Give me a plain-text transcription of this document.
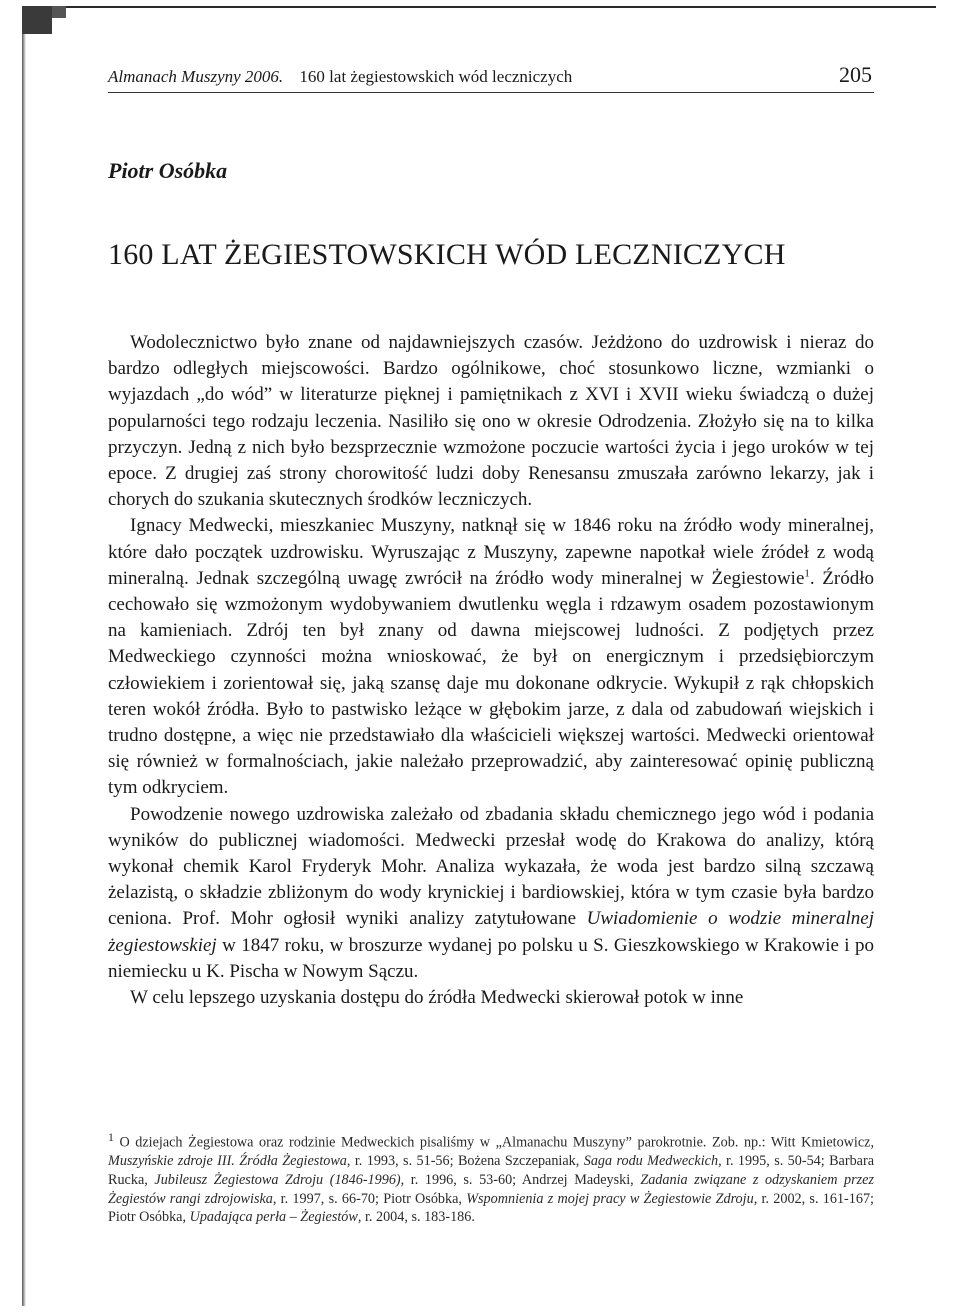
Almanach Muszyny 2006. 160 lat żegiestowskich wód leczniczych	205
Piotr Osóbka
160 LAT ŻEGIESTOWSKICH WÓD LECZNICZYCH

Wodolecznictwo było znane od najdawniejszych czasów. Jeżdżono do uzdrowisk i nieraz do bardzo odległych miejscowości. Bardzo ogólnikowe, choć stosunkowo liczne, wzmianki o wyjazdach „do wód” w literaturze pięknej i pamiętnikach z XVI i XVII wieku świadczą o dużej popularności tego rodzaju leczenia. Nasiliło się ono w okresie Odrodzenia. Złożyło się na to kilka przyczyn. Jedną z nich było bezsprzecznie wzmożone poczucie wartości życia i jego uroków w tej epoce. Z drugiej zaś strony chorowitość ludzi doby Renesansu zmuszała zarówno lekarzy, jak i chorych do szukania skutecznych środków leczniczych.

Ignacy Medwecki, mieszkaniec Muszyny, natknął się w 1846 roku na źródło wody mineralnej, które dało początek uzdrowisku. Wyruszając z Muszyny, zapewne napotkał wiele źródeł z wodą mineralną. Jednak szczególną uwagę zwrócił na źródło wody mineralnej w Żegiestowie$^1$. Źródło cechowało się wzmożonym wydobywaniem dwutlenku węgla i rdzawym osadem pozostawionym na kamieniach. Zdrój ten był znany od dawna miejscowej ludności. Z podjętych przez Medweckiego czynności można wnioskować, że był on energicznym i przedsiębiorczym człowiekiem i zorientował się, jaką szansę daje mu dokonane odkrycie. Wykupił z rąk chłopskich teren wokół źródła. Było to pastwisko leżące w głębokim jarze, z dala od zabudowań wiejskich i trudno dostępne, a więc nie przedstawiało dla właścicieli większej wartości. Medwecki orientował się również w formalnościach, jakie należało przeprowadzić, aby zainteresować opinię publiczną tym odkryciem.

Powodzenie nowego uzdrowiska zależało od zbadania składu chemicznego jego wód i podania wyników do publicznej wiadomości. Medwecki przesłał wodę do Krakowa do analizy, którą wykonał chemik Karol Fryderyk Mohr. Analiza wykazała, że woda jest bardzo silną szczawą żelazistą, o składzie zbliżonym do wody krynickiej i bardiowskiej, która w tym czasie była bardzo ceniona. Prof. Mohr ogłosił wyniki analizy zatytułowane Uwiadomienie o wodzie mineralnej żegiestowskiej w 1847 roku, w broszurze wydanej po polsku u S. Gieszkowskiego w Krakowie i po niemiecku u K. Pischa w Nowym Sączu.

W celu lepszego uzyskania dostępu do źródła Medwecki skierował potok w inne

$^1$ O dziejach Żegiestowa oraz rodzinie Medweckich pisaliśmy w „Almanachu Muszyny” parokrotnie. Zob. np.: Witt Kmietowicz, Muszyńskie zdroje III. Źródła Żegiestowa, r. 1993, s. 51-56; Bożena Szczepaniak, Saga rodu Medweckich, r. 1995, s. 50-54; Barbara Rucka, Jubileusz Żegiestowa Zdroju (1846-1996), r. 1996, s. 53-60; Andrzej Madeyski, Zadania związane z odzyskaniem przez Żegiestów rangi zdrojowiska, r. 1997, s. 66-70; Piotr Osóbka, Wspomnienia z mojej pracy w Żegiestowie Zdroju, r. 2002, s. 161-167; Piotr Osóbka, Upadająca perła – Żegiestów, r. 2004, s. 183-186.
